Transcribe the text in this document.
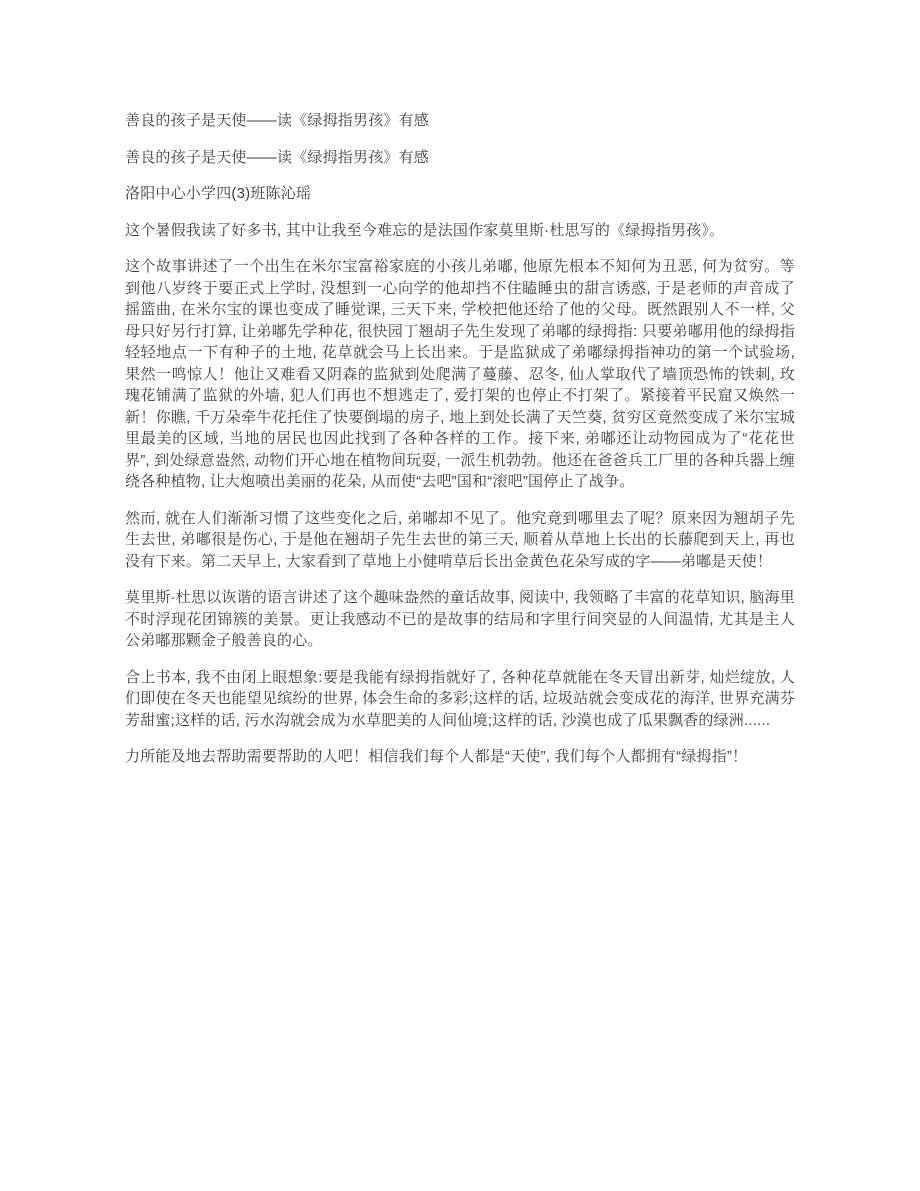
善良的孩子是天使——读《绿拇指男孩》有感

善良的孩子是天使——读《绿拇指男孩》有感

洛阳中心小学四(3)班陈沁瑶

这个暑假我读了好多书, 其中让我至今难忘的是法国作家莫里斯·杜思写的《绿拇指男孩》。

这个故事讲述了一个出生在米尔宝富裕家庭的小孩儿弟嘟, 他原先根本不知何为丑恶, 何为贫穷。等到他八岁终于要正式上学时, 没想到一心向学的他却挡不住瞌睡虫的甜言诱惑, 于是老师的声音成了摇篮曲, 在米尔宝的课也变成了睡觉课, 三天下来, 学校把他还给了他的父母。既然跟别人不一样, 父母只好另行打算, 让弟嘟先学种花, 很快园丁翘胡子先生发现了弟嘟的绿拇指: 只要弟嘟用他的绿拇指轻轻地点一下有种子的土地, 花草就会马上长出来。于是监狱成了弟嘟绿拇指神功的第一个试验场, 果然一鸣惊人！他让又难看又阴森的监狱到处爬满了蔓藤、忍冬, 仙人掌取代了墙顶恐怖的铁刺, 玫瑰花铺满了监狱的外墙, 犯人们再也不想逃走了, 爱打架的也停止不打架了。紧接着平民窟又焕然一新！你瞧, 千万朵牵牛花托住了快要倒塌的房子, 地上到处长满了天竺葵, 贫穷区竟然变成了米尔宝城里最美的区域, 当地的居民也因此找到了各种各样的工作。接下来, 弟嘟还让动物园成为了“花花世界”, 到处绿意盎然, 动物们开心地在植物间玩耍, 一派生机勃勃。他还在爸爸兵工厂里的各种兵器上缠绕各种植物, 让大炮喷出美丽的花朵, 从而使“去吧”国和“滚吧”国停止了战争。

然而, 就在人们渐渐习惯了这些变化之后, 弟嘟却不见了。他究竟到哪里去了呢？原来因为翘胡子先生去世, 弟嘟很是伤心, 于是他在翘胡子先生去世的第三天, 顺着从草地上长出的长藤爬到天上, 再也没有下来。第二天早上, 大家看到了草地上小健啃草后长出金黄色花朵写成的字——弟嘟是天使！

莫里斯·杜思以诙谐的语言讲述了这个趣味盎然的童话故事, 阅读中, 我领略了丰富的花草知识, 脑海里不时浮现花团锦簇的美景。更让我感动不已的是故事的结局和字里行间突显的人间温情, 尤其是主人公弟嘟那颗金子般善良的心。

合上书本, 我不由闭上眼想象:要是我能有绿拇指就好了, 各种花草就能在冬天冒出新芽, 灿烂绽放, 人们即使在冬天也能望见缤纷的世界, 体会生命的多彩;这样的话, 垃圾站就会变成花的海洋, 世界充满芬芳甜蜜;这样的话, 污水沟就会成为水草肥美的人间仙境;这样的话, 沙漠也成了瓜果飘香的绿洲......

力所能及地去帮助需要帮助的人吧！相信我们每个人都是“天使”, 我们每个人都拥有“绿拇指”！
